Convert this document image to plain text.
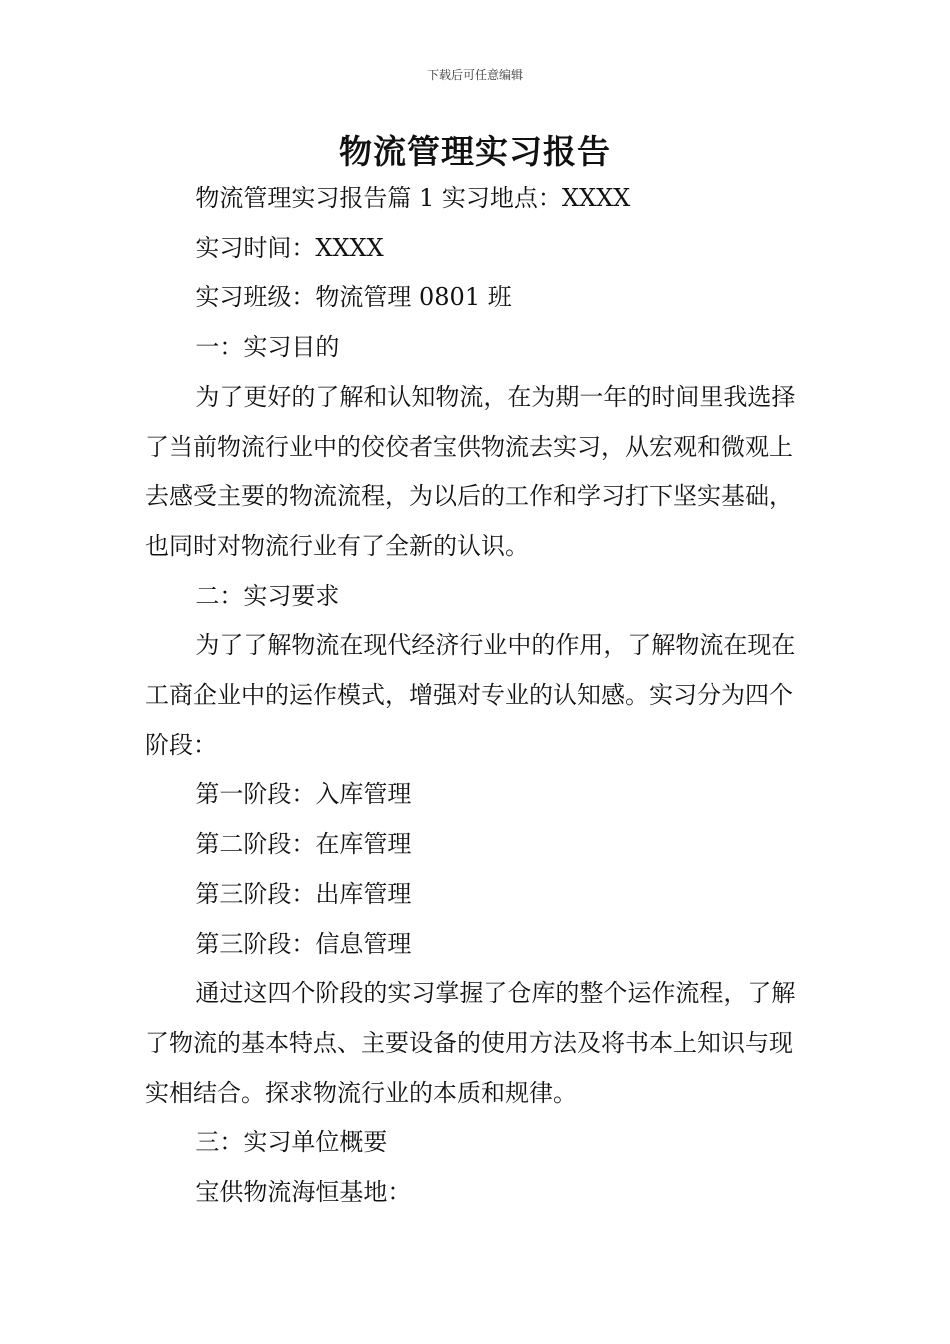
下载后可任意编辑
物流管理实习报告

物流管理实习报告篇 1 实习地点：XXXX

实习时间：XXXX

实习班级：物流管理 0801 班

一：实习目的

为了更好的了解和认知物流，在为期一年的时间里我选择了当前物流行业中的佼佼者宝供物流去实习，从宏观和微观上去感受主要的物流流程，为以后的工作和学习打下坚实基础，也同时对物流行业有了全新的认识。

二：实习要求

为了了解物流在现代经济行业中的作用，了解物流在现在工商企业中的运作模式，增强对专业的认知感。实习分为四个阶段：

第一阶段：入库管理

第二阶段：在库管理

第三阶段：出库管理

第三阶段：信息管理

通过这四个阶段的实习掌握了仓库的整个运作流程，了解了物流的基本特点、主要设备的使用方法及将书本上知识与现实相结合。探求物流行业的本质和规律。

三：实习单位概要

宝供物流海恒基地：
